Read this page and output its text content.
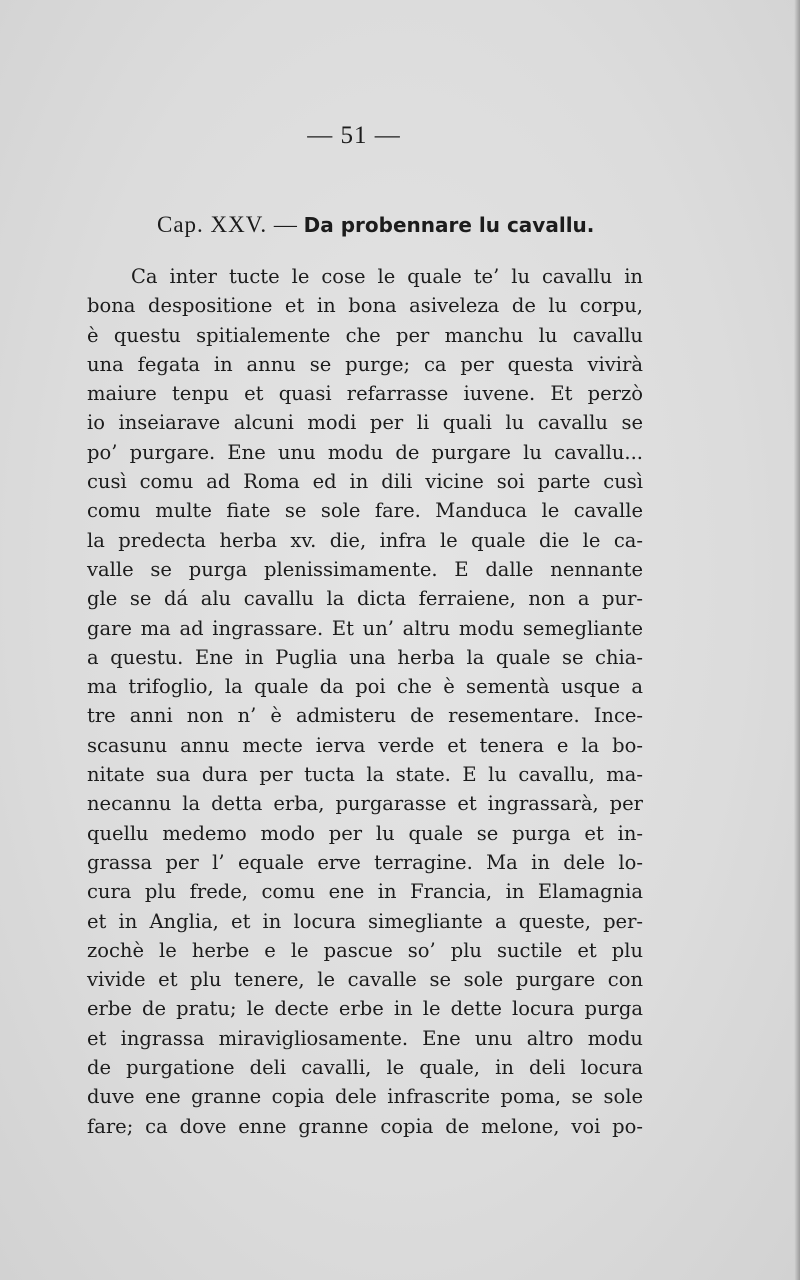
— 51 —
Cap. XXV. — Da probennare lu cavallu.
Ca inter tucte le cose le quale te’ lu cavallu in
bona despositione et in bona asiveleza de lu corpu,
è questu spitialemente che per manchu lu cavallu
una fegata in annu se purge; ca per questa vivirà
maiure tenpu et quasi refarrasse iuvene. Et perzò
io inseiarave alcuni modi per li quali lu cavallu se
po’ purgare. Ene unu modu de purgare lu cavallu...
cusì comu ad Roma ed in dili vicine soi parte cusì
comu multe fiate se sole fare. Manduca le cavalle
la predecta herba xv. die, infra le quale die le ca-
valle se purga plenissimamente. E dalle nennante
gle se dá alu cavallu la dicta ferraiene, non a pur-
gare ma ad ingrassare. Et un’ altru modu semegliante
a questu. Ene in Puglia una herba la quale se chia-
ma trifoglio, la quale da poi che è sementà usque a
tre anni non n’ è admisteru de resementare. Ince-
scasunu annu mecte ierva verde et tenera e la bo-
nitate sua dura per tucta la state. E lu cavallu, ma-
necannu la detta erba, purgarasse et ingrassarà, per
quellu medemo modo per lu quale se purga et in-
grassa per l’ equale erve terragine. Ma in dele lo-
cura plu frede, comu ene in Francia, in Elamagnia
et in Anglia, et in locura simegliante a queste, per-
zochè le herbe e le pascue so’ plu suctile et plu
vivide et plu tenere, le cavalle se sole purgare con
erbe de pratu; le decte erbe in le dette locura purga
et ingrassa miravigliosamente. Ene unu altro modu
de purgatione deli cavalli, le quale, in deli locura
duve ene granne copia dele infrascrite poma, se sole
fare; ca dove enne granne copia de melone, voi po-
